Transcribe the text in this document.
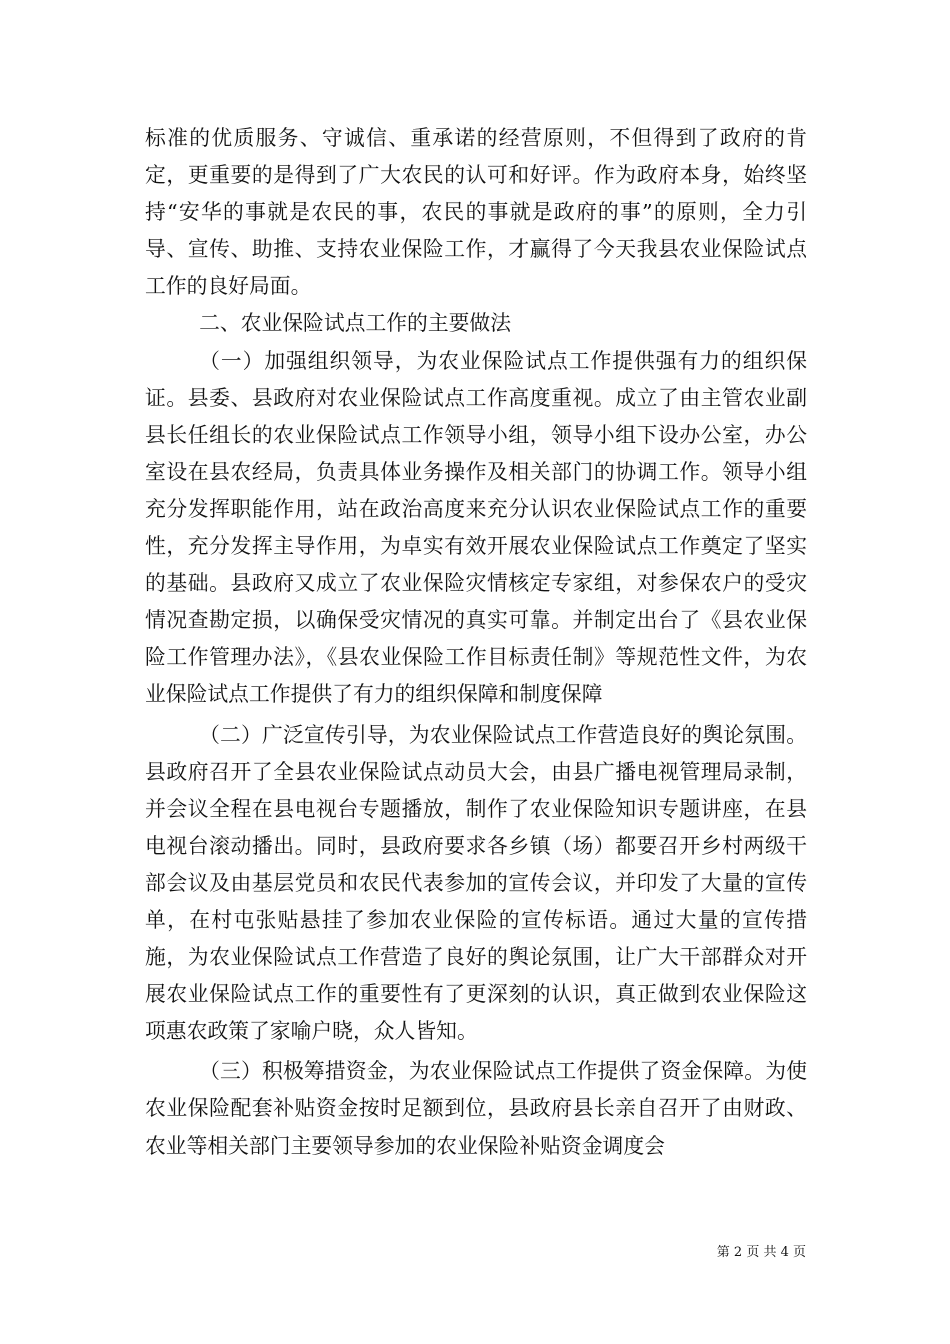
标准的优质服务、守诚信、重承诺的经营原则，不但得到了政府的肯定，更重要的是得到了广大农民的认可和好评。作为政府本身，始终坚持“安华的事就是农民的事，农民的事就是政府的事”的原则，全力引导、宣传、助推、支持农业保险工作，才赢得了今天我县农业保险试点工作的良好局面。

二、农业保险试点工作的主要做法

（一）加强组织领导，为农业保险试点工作提供强有力的组织保证。县委、县政府对农业保险试点工作高度重视。成立了由主管农业副县长任组长的农业保险试点工作领导小组，领导小组下设办公室，办公室设在县农经局，负责具体业务操作及相关部门的协调工作。领导小组充分发挥职能作用，站在政治高度来充分认识农业保险试点工作的重要性，充分发挥主导作用，为卓实有效开展农业保险试点工作奠定了坚实的基础。县政府又成立了农业保险灾情核定专家组，对参保农户的受灾情况查勘定损，以确保受灾情况的真实可靠。并制定出台了《县农业保险工作管理办法》，《县农业保险工作目标责任制》等规范性文件，为农业保险试点工作提供了有力的组织保障和制度保障

（二）广泛宣传引导，为农业保险试点工作营造良好的舆论氛围。县政府召开了全县农业保险试点动员大会，由县广播电视管理局录制，并会议全程在县电视台专题播放，制作了农业保险知识专题讲座，在县电视台滚动播出。同时，县政府要求各乡镇（场）都要召开乡村两级干部会议及由基层党员和农民代表参加的宣传会议，并印发了大量的宣传单，在村屯张贴悬挂了参加农业保险的宣传标语。通过大量的宣传措施，为农业保险试点工作营造了良好的舆论氛围，让广大干部群众对开展农业保险试点工作的重要性有了更深刻的认识，真正做到农业保险这项惠农政策了家喻户晓，众人皆知。

（三）积极筹措资金，为农业保险试点工作提供了资金保障。为使农业保险配套补贴资金按时足额到位，县政府县长亲自召开了由财政、农业等相关部门主要领导参加的农业保险补贴资金调度会

第 2 页 共 4 页
